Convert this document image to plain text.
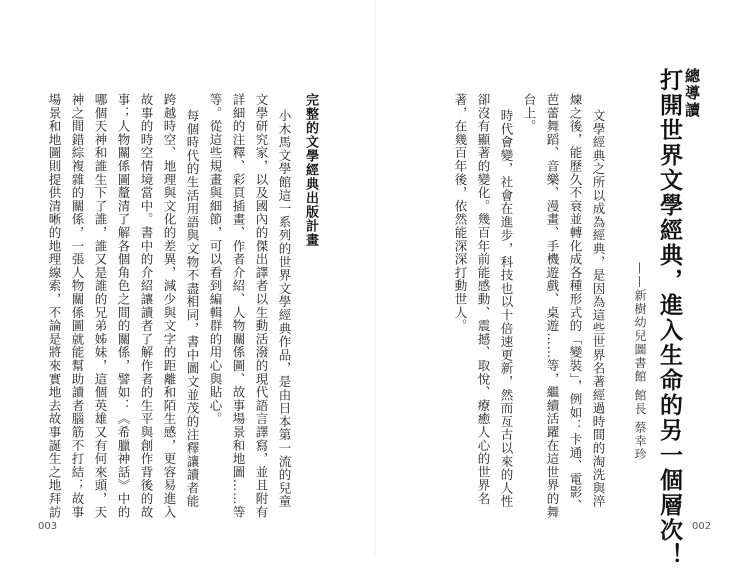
總導讀
打開世界文學經典，進入生命的另一個層次！
——新樹幼兒圖書館 館長 蔡幸珍
文學經典之所以成為經典，是因為這些世界名著經過時間的淘洗與淬
煉之後，能歷久不衰並轉化成各種形式的「變裝」，例如：卡通、電影、
芭蕾舞蹈、音樂、漫畫、手機遊戲、桌遊……等，繼續活躍在這世界的舞
台上。
時代會變，社會在進步，科技也以十倍速更新，然而亙古以來的人性
卻沒有顯著的變化。幾百年前能感動、震撼、取悅、療癒人心的世界名
著，在幾百年後，依然能深深打動世人。
002
完整的文學經典出版計畫
小木馬文學館這一系列的世界文學經典作品，是由日本第一流的兒童
文學研究家，以及國內的傑出譯者以生動活潑的現代語言譯寫，並且附有
詳細的注釋、彩頁插畫、作者介紹、人物關係圖、故事場景和地圖……等
等。從這些規畫與細節，可以看到編輯群的用心與貼心。
每個時代的生活用語與文物不盡相同，書中圖文並茂的注釋讓讀者能
跨越時空、地理與文化的差異，減少與文字的距離和陌生感，更容易進入
故事的時空情境當中。書中的介紹讓讀者了解作者的生平與創作背後的故
事；人物關係圖釐清了解各個角色之間的關係，譬如：《希臘神話》中的
哪個天神和誰生下了誰，誰又是誰的兄弟姊妹，這個英雄又有何來頭，天
神之間錯綜複雜的關係，一張人物關係圖就能幫助讀者腦筋不打結；故事
場景和地圖則提供清晰的地理線索，不論是將來實地去故事誕生之地拜訪
003
